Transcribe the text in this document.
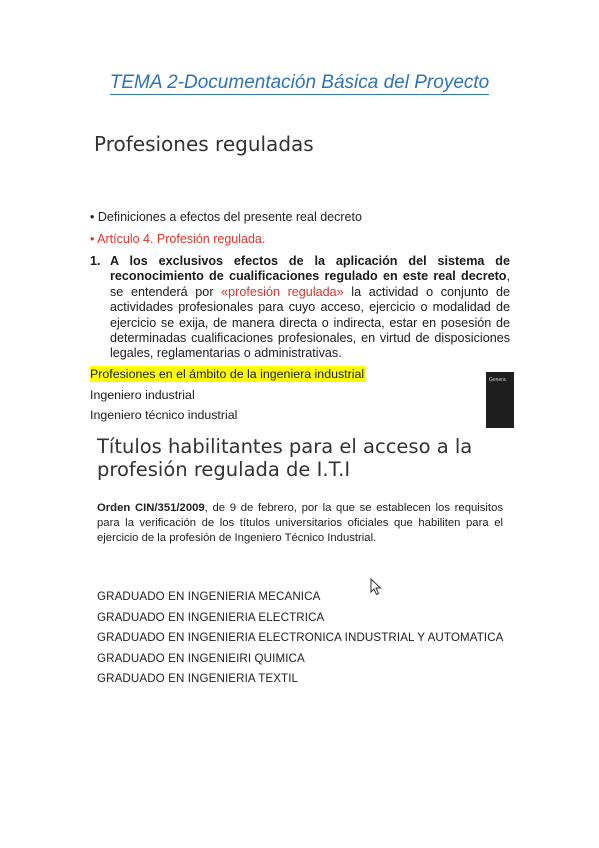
TEMA 2-Documentación Básica del Proyecto
Profesiones reguladas
• Definiciones a efectos del presente real decreto
• Artículo 4. Profesión regulada.
1. A los exclusivos efectos de la aplicación del sistema de reconocimiento de cualificaciones regulado en este real decreto, se entenderá por «profesión regulada» la actividad o conjunto de actividades profesionales para cuyo acceso, ejercicio o modalidad de ejercicio se exija, de manera directa o indirecta, estar en posesión de determinadas cualificaciones profesionales, en virtud de disposiciones legales, reglamentarias o administrativas.
Profesiones en el ámbito de la ingeniera industrial
Ingeniero industrial
Ingeniero técnico industrial
Genera
Títulos habilitantes para el acceso a la profesión regulada de I.T.I
Orden CIN/351/2009, de 9 de febrero, por la que se establecen los requisitos para la verificación de los títulos universitarios oficiales que habiliten para el ejercicio de la profesión de Ingeniero Técnico Industrial.
GRADUADO EN INGENIERIA MECANICA
GRADUADO EN INGENIERIA ELECTRICA
GRADUADO EN INGENIERIA ELECTRONICA INDUSTRIAL Y AUTOMATICA
GRADUADO EN INGENIEIRI QUIMICA
GRADUADO EN INGENIERIA TEXTIL
